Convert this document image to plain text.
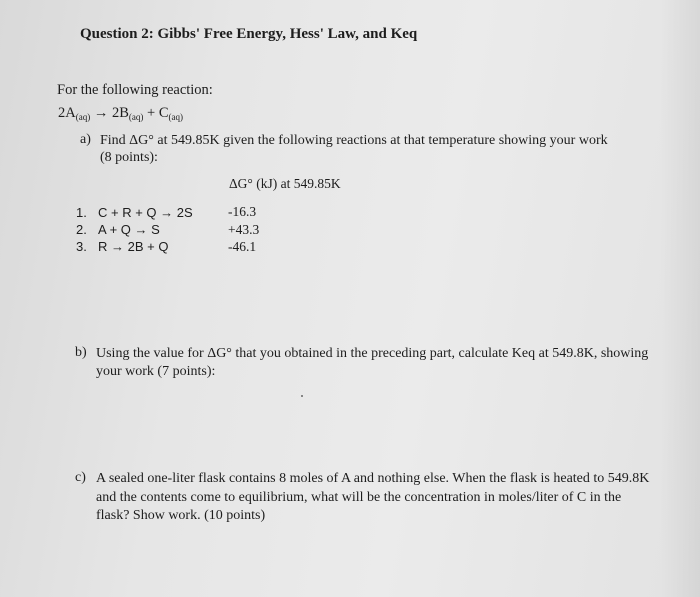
Question 2: Gibbs' Free Energy, Hess' Law, and Keq
For the following reaction:
$2A_{(aq)} \to 2B_{(aq)} + C_{(aq)}$
a) Find ΔG° at 549.85K given the following reactions at that temperature showing your work (8 points):
ΔG° (kJ) at 549.85K
1. C + R + Q → 2S
2. A + Q → S
3. R → 2B + Q
-16.3
+43.3
-46.1
b) Using the value for ΔG° that you obtained in the preceding part, calculate Keq at 549.8K, showing your work (7 points):
c) A sealed one-liter flask contains 8 moles of A and nothing else. When the flask is heated to 549.8K and the contents come to equilibrium, what will be the concentration in moles/liter of C in the flask? Show work. (10 points)
